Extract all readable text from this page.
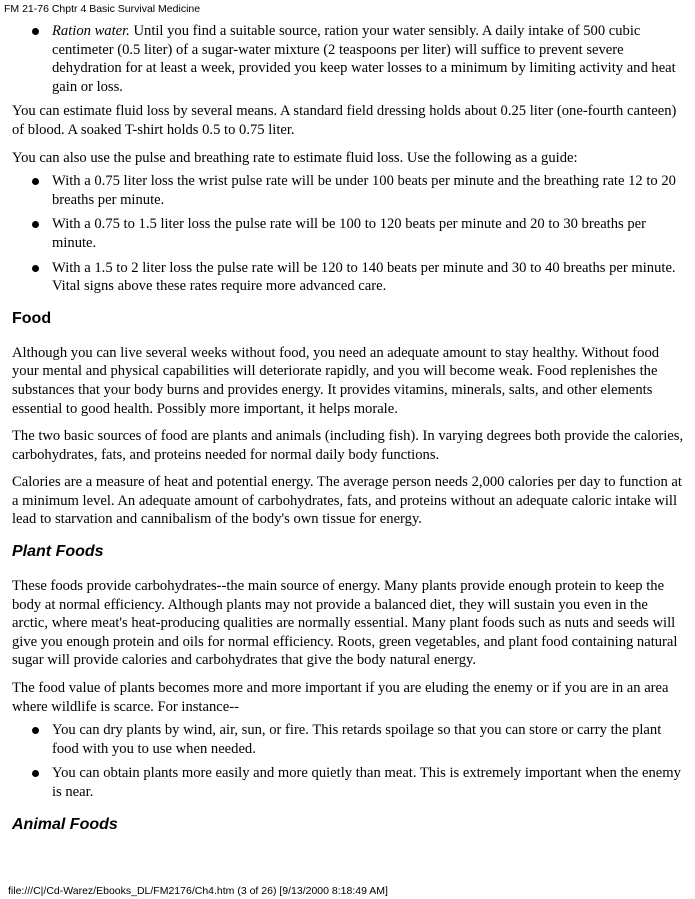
FM 21-76 Chptr 4 Basic Survival Medicine
Ration water. Until you find a suitable source, ration your water sensibly. A daily intake of 500 cubic centimeter (0.5 liter) of a sugar-water mixture (2 teaspoons per liter) will suffice to prevent severe dehydration for at least a week, provided you keep water losses to a minimum by limiting activity and heat gain or loss.

You can estimate fluid loss by several means. A standard field dressing holds about 0.25 liter (one-fourth canteen) of blood. A soaked T-shirt holds 0.5 to 0.75 liter.

You can also use the pulse and breathing rate to estimate fluid loss. Use the following as a guide:

With a 0.75 liter loss the wrist pulse rate will be under 100 beats per minute and the breathing rate 12 to 20 breaths per minute.
With a 0.75 to 1.5 liter loss the pulse rate will be 100 to 120 beats per minute and 20 to 30 breaths per minute.
With a 1.5 to 2 liter loss the pulse rate will be 120 to 140 beats per minute and 30 to 40 breaths per minute. Vital signs above these rates require more advanced care.
Food

Although you can live several weeks without food, you need an adequate amount to stay healthy. Without food your mental and physical capabilities will deteriorate rapidly, and you will become weak. Food replenishes the substances that your body burns and provides energy. It provides vitamins, minerals, salts, and other elements essential to good health. Possibly more important, it helps morale.

The two basic sources of food are plants and animals (including fish). In varying degrees both provide the calories, carbohydrates, fats, and proteins needed for normal daily body functions.

Calories are a measure of heat and potential energy. The average person needs 2,000 calories per day to function at a minimum level. An adequate amount of carbohydrates, fats, and proteins without an adequate caloric intake will lead to starvation and cannibalism of the body's own tissue for energy.

Plant Foods

These foods provide carbohydrates--the main source of energy. Many plants provide enough protein to keep the body at normal efficiency. Although plants may not provide a balanced diet, they will sustain you even in the arctic, where meat's heat-producing qualities are normally essential. Many plant foods such as nuts and seeds will give you enough protein and oils for normal efficiency. Roots, green vegetables, and plant food containing natural sugar will provide calories and carbohydrates that give the body natural energy.

The food value of plants becomes more and more important if you are eluding the enemy or if you are in an area where wildlife is scarce. For instance--

You can dry plants by wind, air, sun, or fire. This retards spoilage so that you can store or carry the plant food with you to use when needed.
You can obtain plants more easily and more quietly than meat. This is extremely important when the enemy is near.
Animal Foods
file:///C|/Cd-Warez/Ebooks_DL/FM2176/Ch4.htm (3 of 26) [9/13/2000 8:18:49 AM]
